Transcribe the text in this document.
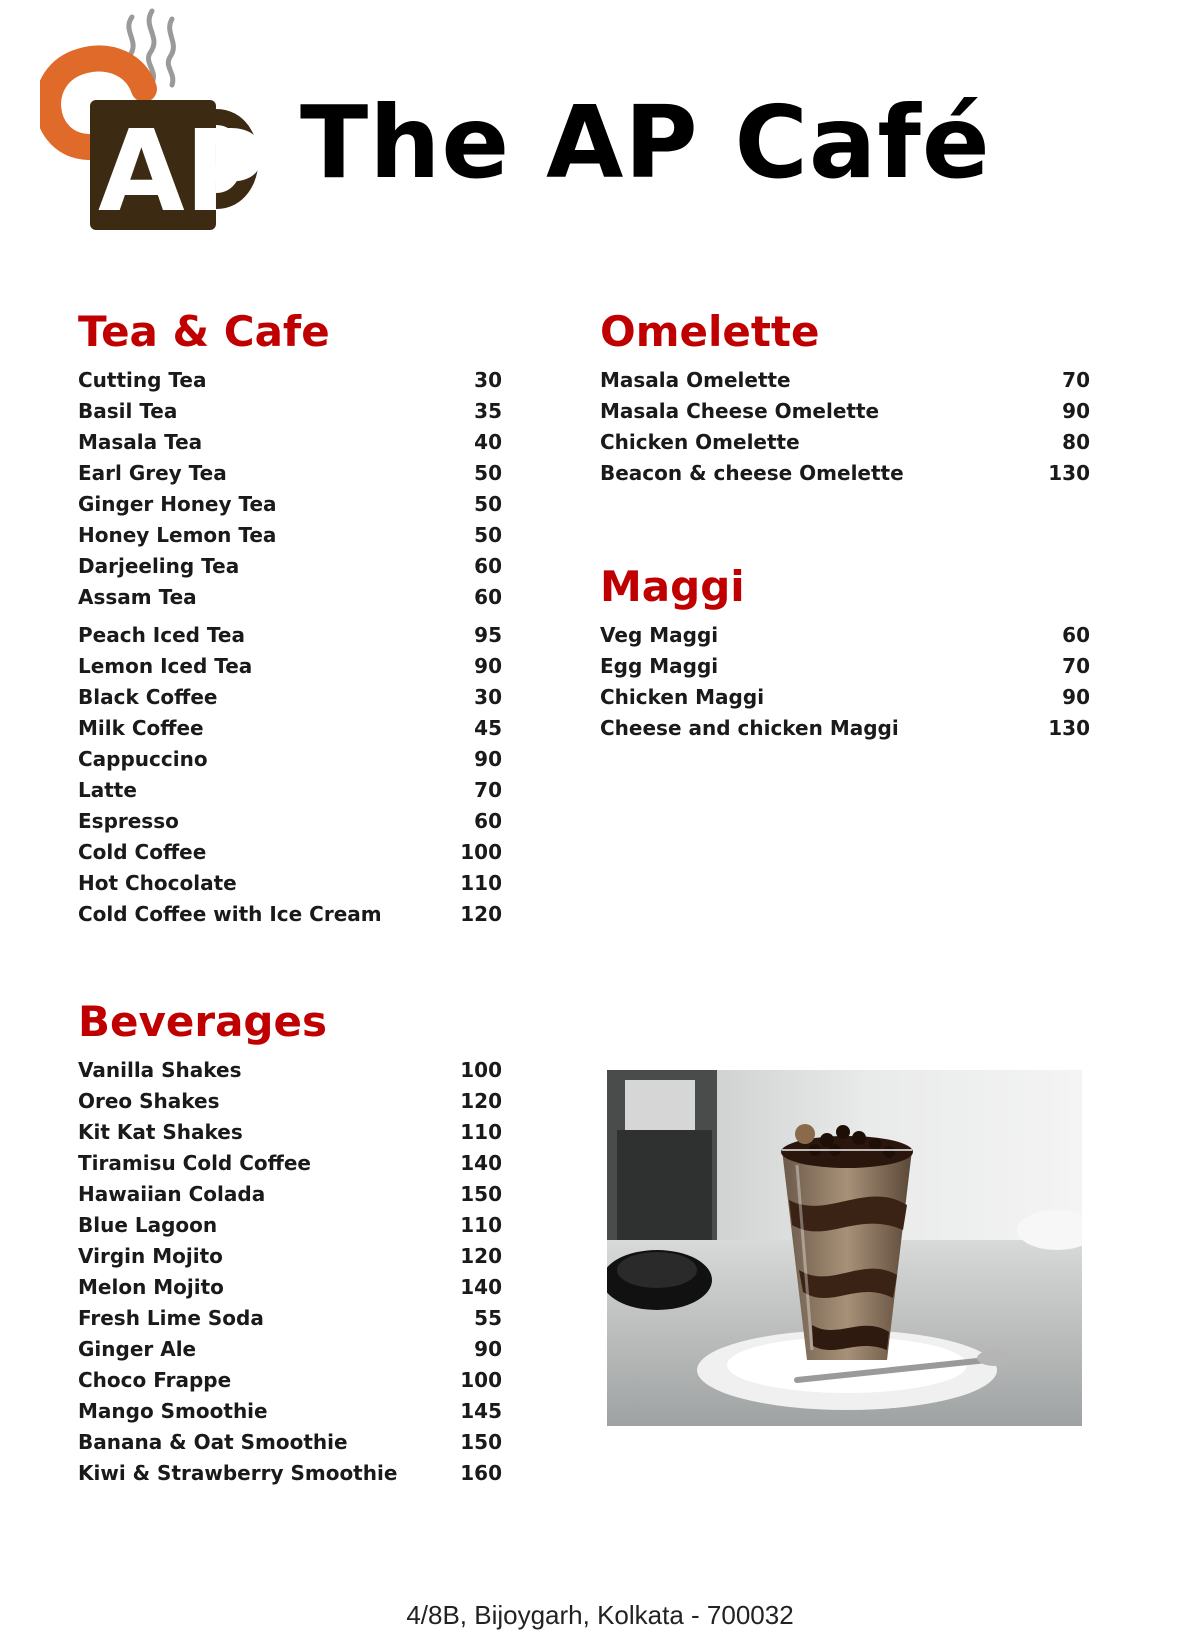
AP The AP Café
Tea & Cafe
Cutting Tea	30
Basil Tea	35
Masala Tea	40
Earl Grey Tea	50
Ginger Honey Tea	50
Honey Lemon Tea	50
Darjeeling Tea	60
Assam Tea	60
Peach Iced Tea	95
Lemon Iced Tea	90
Black Coffee	30
Milk Coffee	45
Cappuccino	90
Latte	70
Espresso	60
Cold Coffee	100
Hot Chocolate	110
Cold Coffee with Ice Cream	120
Omelette
Masala Omelette	70
Masala Cheese Omelette	90
Chicken Omelette	80
Beacon & cheese Omelette	130
Maggi
Veg Maggi	60
Egg Maggi	70
Chicken Maggi	90
Cheese and chicken Maggi	130
Beverages
Vanilla Shakes	100
Oreo Shakes	120
Kit Kat Shakes	110
Tiramisu Cold Coffee	140
Hawaiian Colada	150
Blue Lagoon	110
Virgin Mojito	120
Melon Mojito	140
Fresh Lime Soda	55
Ginger Ale	90
Choco Frappe	100
Mango Smoothie	145
Banana & Oat Smoothie	150
Kiwi & Strawberry Smoothie	160
4/8B, Bijoygarh, Kolkata - 700032
